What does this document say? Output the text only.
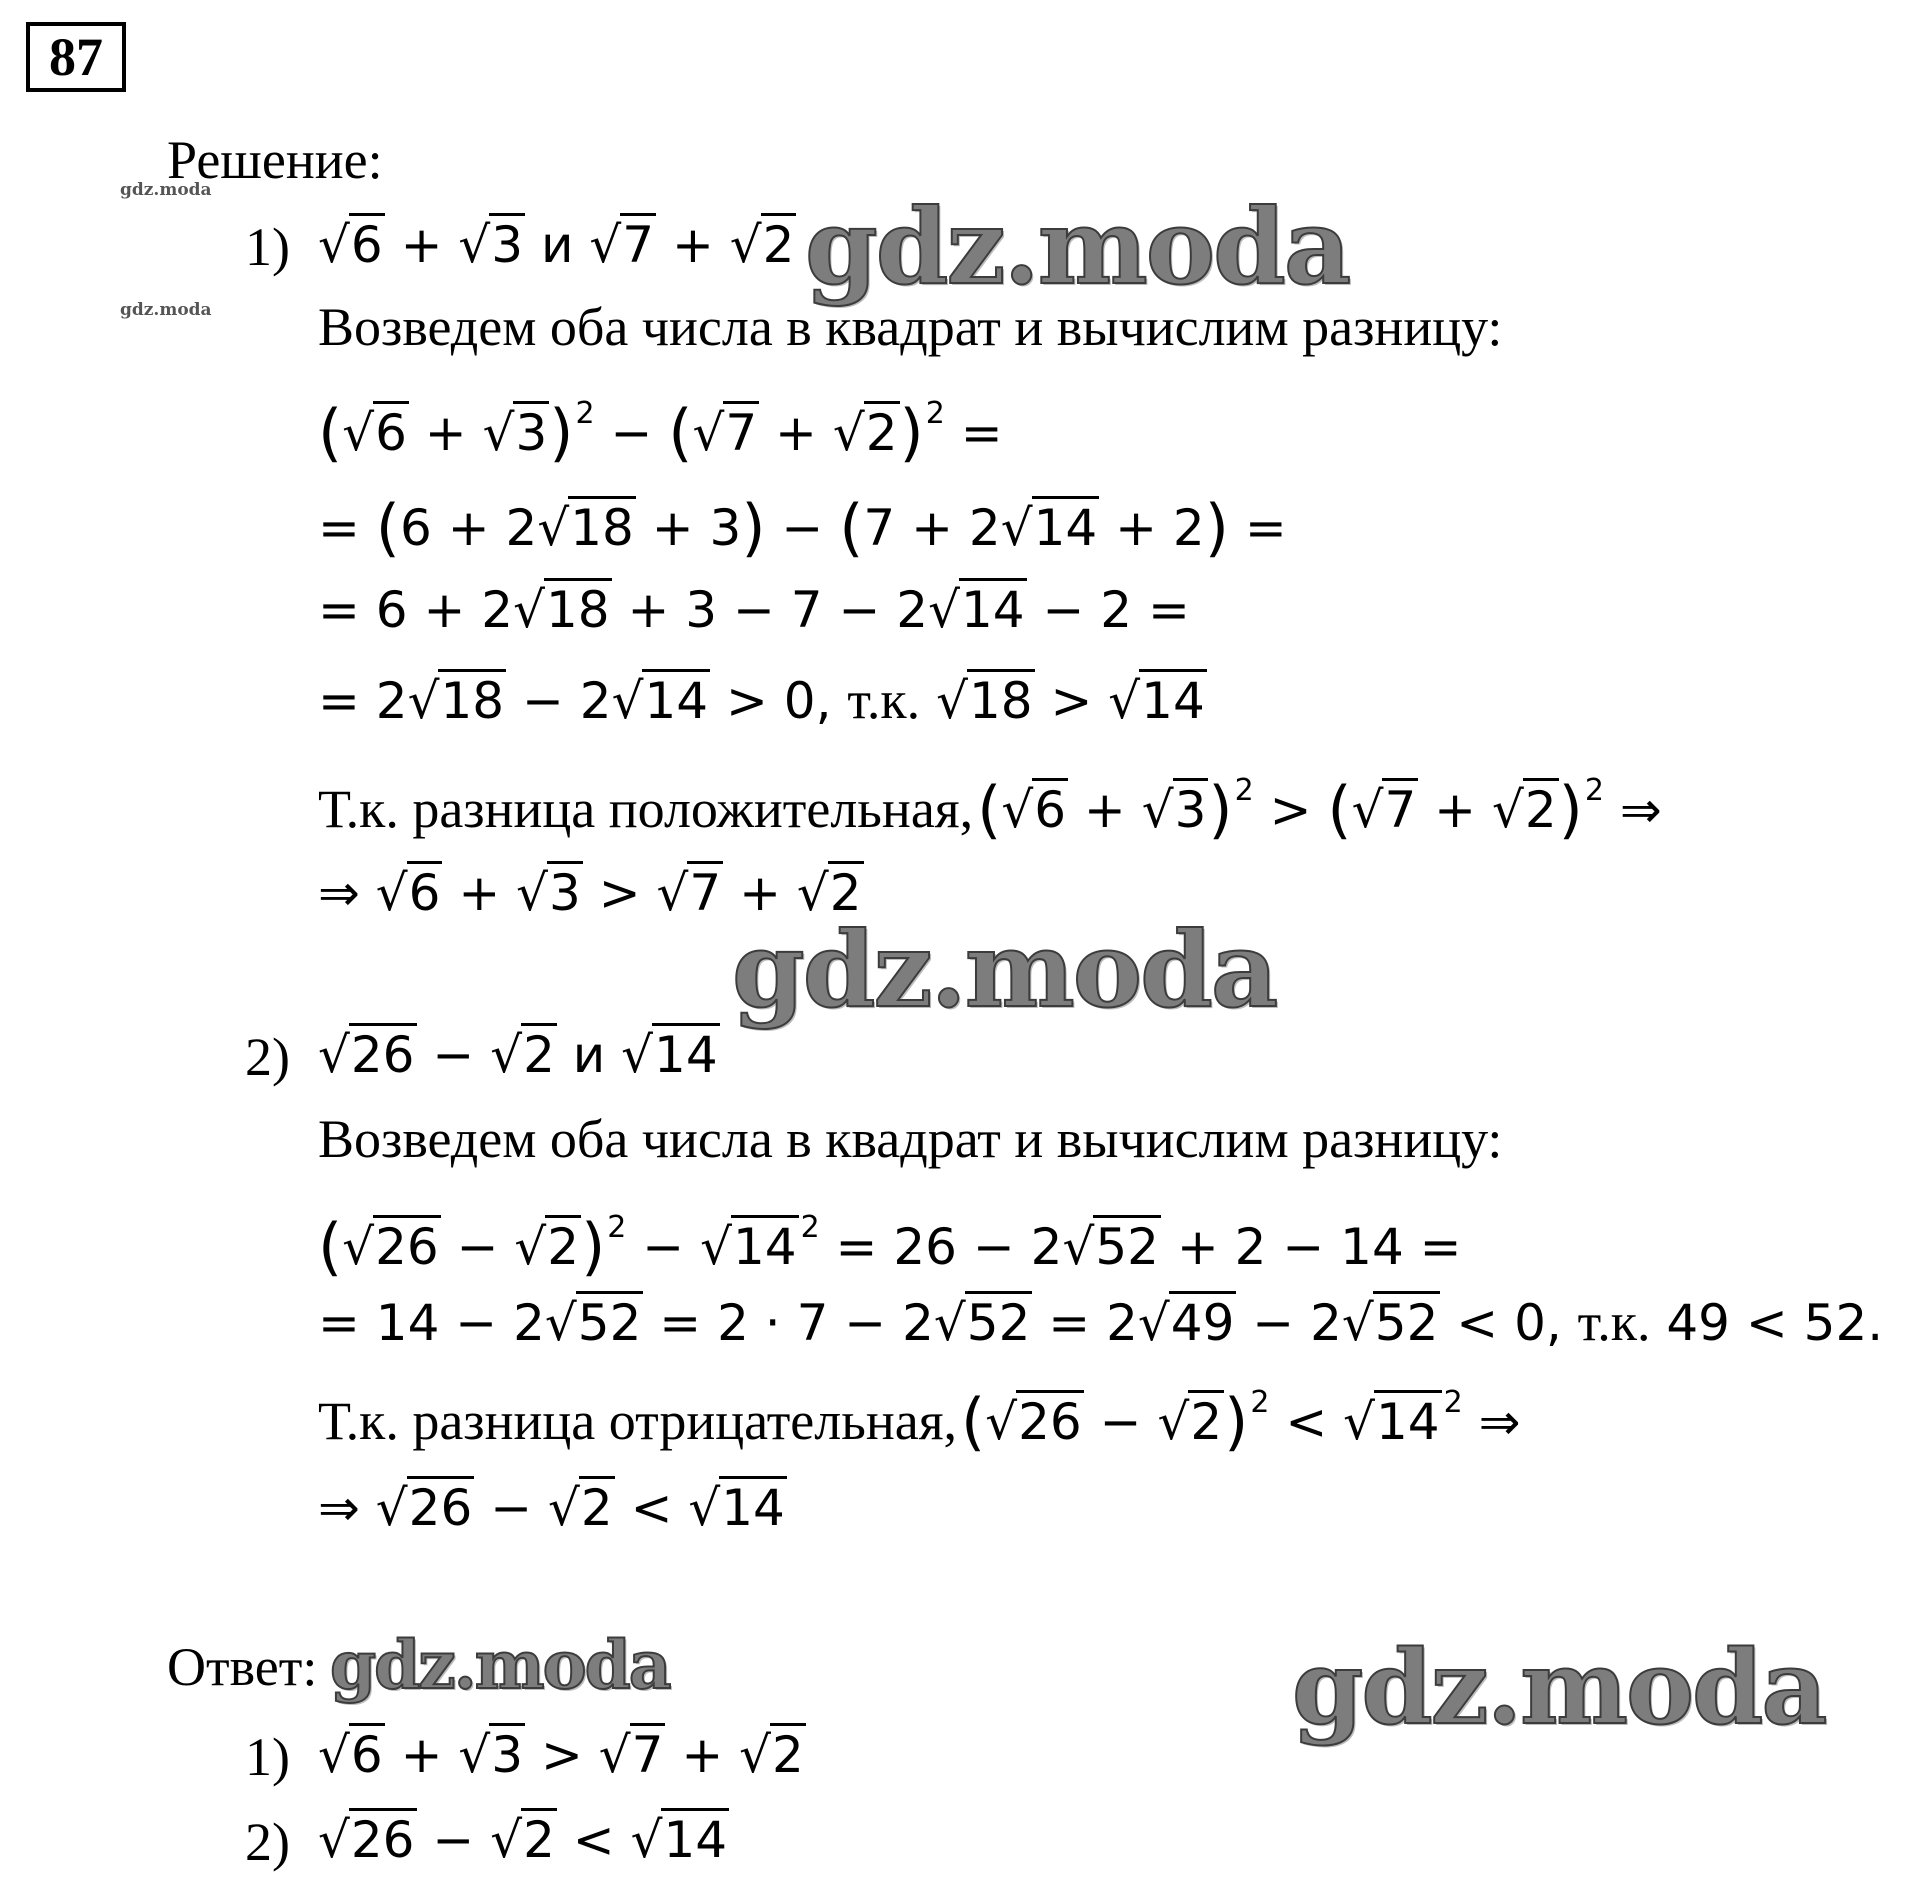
87
Решение:
1) √6 + √3 и √7 + √2
Возведем оба числа в квадрат и вычислим разницу:
$(√6 + √3)^2 - (√7 + √2)^2$ =
= (6 + 2√18 + 3) − (7 + 2√14 + 2) =
= 6 + 2√18 + 3 − 7 − 2√14 − 2 =
= 2√18 − 2√14 > 0, т.к. √18 > √14
Т.к. разница положительная, $(√6 + √3)^2 > (√7 + √2)^2$ ⇒
⇒ √6 + √3 > √7 + √2
2) √26 − √2 и √14
Возведем оба числа в квадрат и вычислим разницу:
$(√26 - √2)^2 - √14$ $^2$ = 26 − 2√52 + 2 − 14 =
= 14 − 2√52 = 2 · 7 − 2√52 = 2√49 − 2√52 < 0, т.к. 49 < 52.
Т.к. разница отрицательная, $(√26 - √2)^2 < √14$ $^2$ ⇒
⇒ √26 − √2 < √14
Ответ:
1) √6 + √3 > √7 + √2
2) √26 − √2 < √14
gdz.moda
gdz.moda
gdz.moda
gdz.moda
gdz.moda	gdz.moda
